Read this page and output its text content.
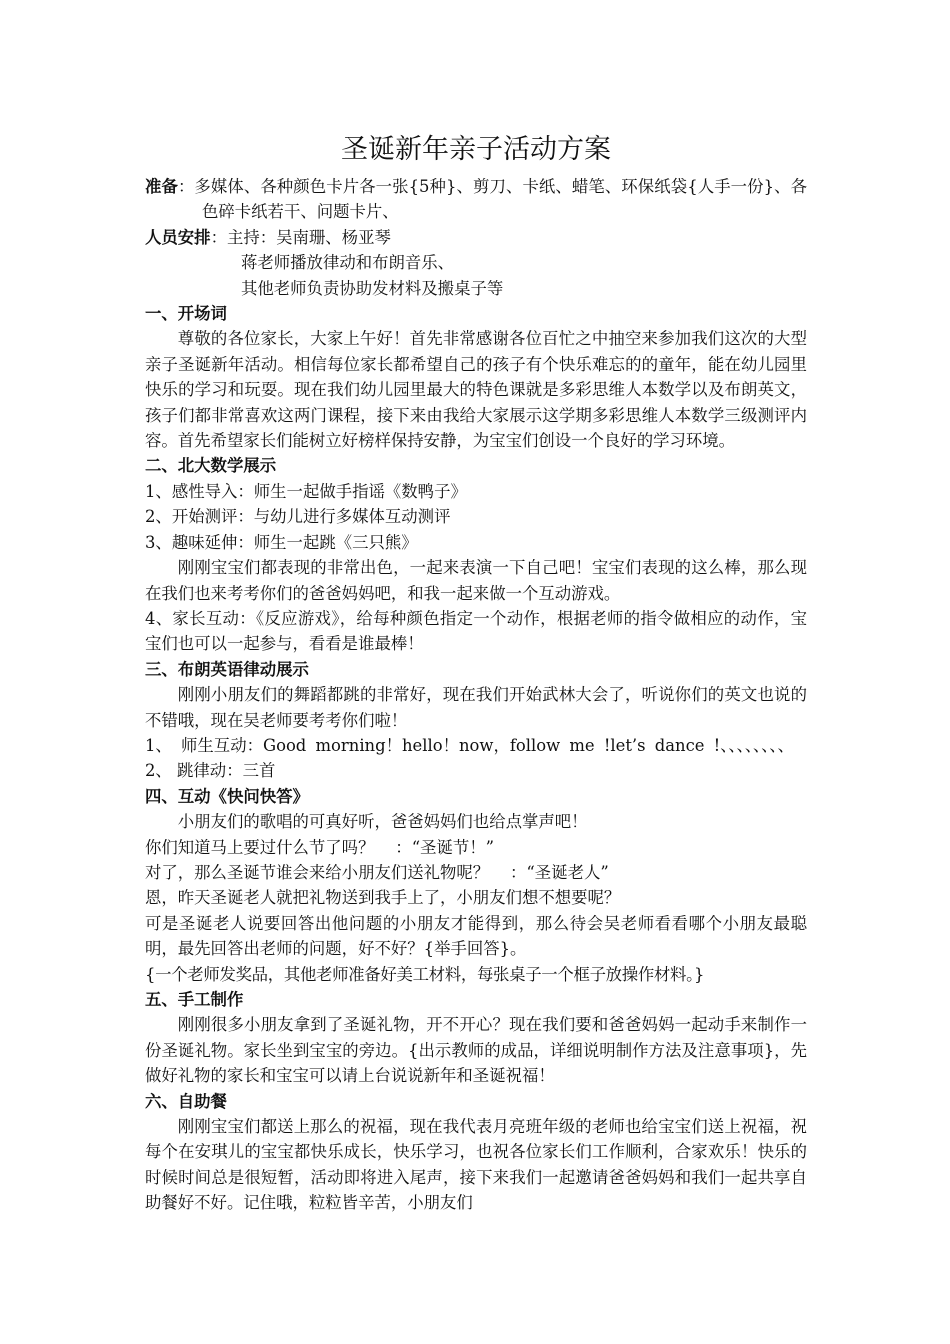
圣诞新年亲子活动方案
准备：多媒体、各种颜色卡片各一张{5种}、剪刀、卡纸、蜡笔、环保纸袋{人手一份}、各色碎卡纸若干、问题卡片、
人员安排：主持：吴南珊、杨亚琴
蒋老师播放律动和布朗音乐、
其他老师负责协助发材料及搬桌子等
一、开场词
尊敬的各位家长，大家上午好！首先非常感谢各位百忙之中抽空来参加我们这次的大型亲子圣诞新年活动。相信每位家长都希望自己的孩子有个快乐难忘的的童年，能在幼儿园里快乐的学习和玩耍。现在我们幼儿园里最大的特色课就是多彩思维人本数学以及布朗英文，孩子们都非常喜欢这两门课程，接下来由我给大家展示这学期多彩思维人本数学三级测评内容。首先希望家长们能树立好榜样保持安静，为宝宝们创设一个良好的学习环境。
二、北大数学展示
1、感性导入：师生一起做手指谣《数鸭子》
2、开始测评：与幼儿进行多媒体互动测评
3、趣味延伸：师生一起跳《三只熊》
刚刚宝宝们都表现的非常出色，一起来表演一下自己吧！宝宝们表现的这么棒，那么现在我们也来考考你们的爸爸妈妈吧，和我一起来做一个互动游戏。
4、家长互动：《反应游戏》，给每种颜色指定一个动作，根据老师的指令做相应的动作，宝宝们也可以一起参与，看看是谁最棒！
三、布朗英语律动展示
刚刚小朋友们的舞蹈都跳的非常好，现在我们开始武林大会了，听说你们的英文也说的不错哦，现在吴老师要考考你们啦！
1、 师生互动：Good morning！hello！now，follow me !let’s dance !、、、、、、、、
2、 跳律动：三首
四、互动《快问快答》
小朋友们的歌唱的可真好听，爸爸妈妈们也给点掌声吧！
你们知道马上要过什么节了吗？    ：“圣诞节！”
对了，那么圣诞节谁会来给小朋友们送礼物呢？    ：“圣诞老人”
恩，昨天圣诞老人就把礼物送到我手上了，小朋友们想不想要呢？
可是圣诞老人说要回答出他问题的小朋友才能得到，那么待会吴老师看看哪个小朋友最聪明，最先回答出老师的问题，好不好？{举手回答}。
{一个老师发奖品，其他老师准备好美工材料，每张桌子一个框子放操作材料。}
五、手工制作
刚刚很多小朋友拿到了圣诞礼物，开不开心？现在我们要和爸爸妈妈一起动手来制作一份圣诞礼物。家长坐到宝宝的旁边。{出示教师的成品，详细说明制作方法及注意事项}，先做好礼物的家长和宝宝可以请上台说说新年和圣诞祝福！
六、自助餐
刚刚宝宝们都送上那么的祝福，现在我代表月亮班年级的老师也给宝宝们送上祝福，祝每个在安琪儿的宝宝都快乐成长，快乐学习，也祝各位家长们工作顺利，合家欢乐！快乐的时候时间总是很短暂，活动即将进入尾声，接下来我们一起邀请爸爸妈妈和我们一起共享自助餐好不好。记住哦，粒粒皆辛苦，小朋友们
